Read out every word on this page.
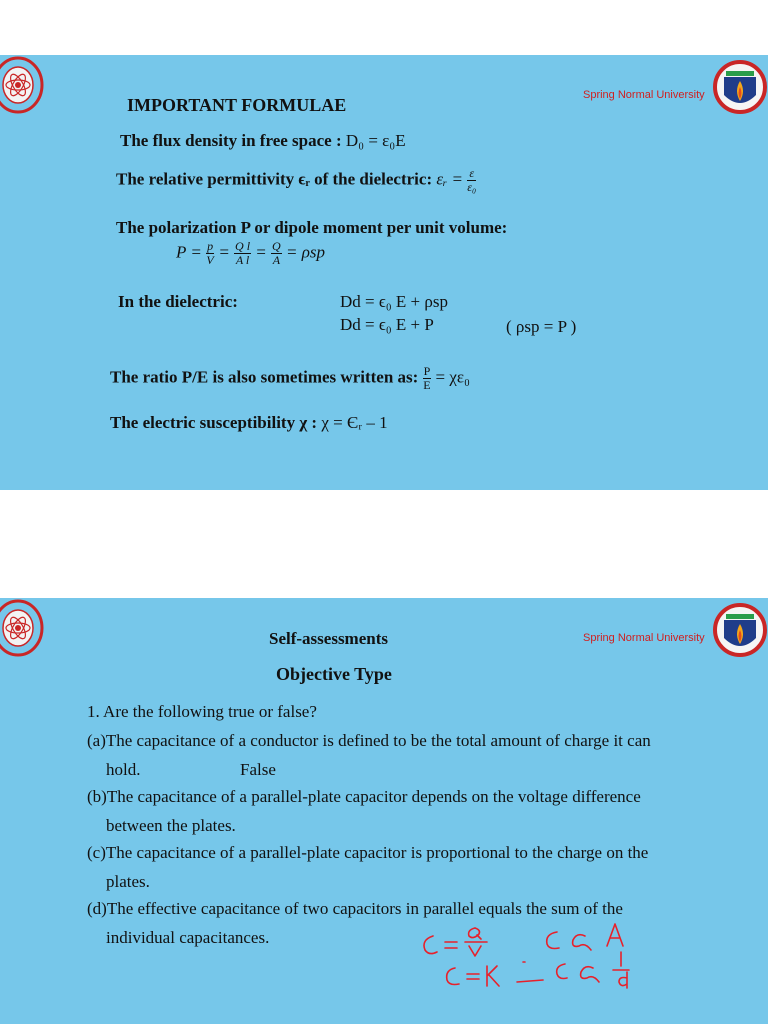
Spring Normal University
IMPORTANT FORMULAE
The flux density in free space : D₀ = ε₀E
The relative permittivity ϵᵣ of the dielectric: εᵣ = $\frac{\varepsilon}{\text{ε₀}}$
The polarization P or dipole moment per unit volume:
$P = \frac{p}{V} = \frac{\text{Q l}}{\text{A l}} = \frac{Q}{A} = \rho sp$
In the dielectric:	Dd = ϵ₀ E + ρsp
Dd = ϵ₀ E + P	( ρsp = P )
The ratio P/E is also sometimes written as: $\frac{P}{E} = \chi\varepsilon_0$
The electric susceptibility χ : χ = Єᵣ – 1
Spring Normal University
Self-assessments
Objective Type
1. Are the following true or false?
(a)The capacitance of a conductor is defined to be the total amount of charge it can
hold.	False
(b)The capacitance of a parallel-plate capacitor depends on the voltage difference
between the plates.
(c)The capacitance of a parallel-plate capacitor is proportional to the charge on the
plates.
(d)The effective capacitance of two capacitors in parallel equals the sum of the
individual capacitances.
